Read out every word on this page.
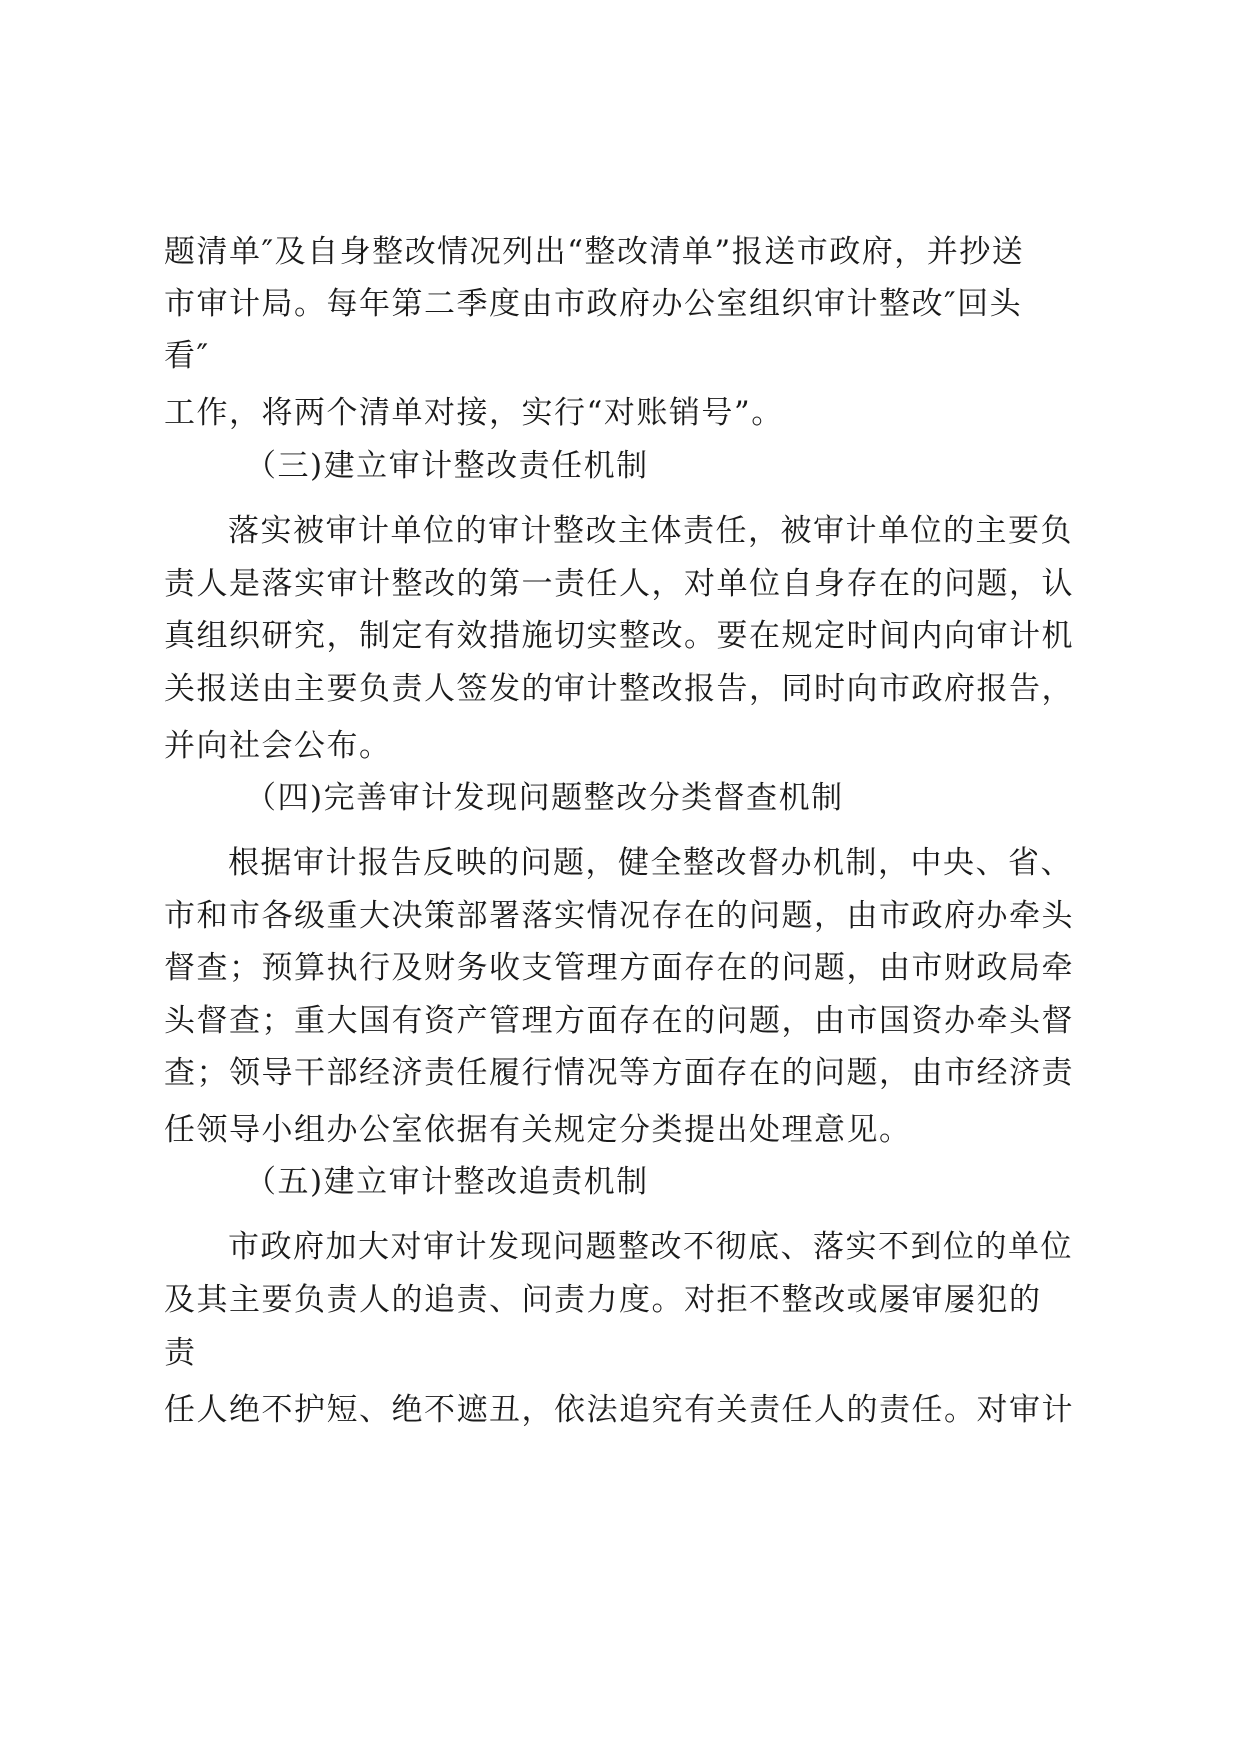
题清单″及自身整改情况列出“整改清单”报送市政府，并抄送
市审计局。每年第二季度由市政府办公室组织审计整改″回头
看″
工作，将两个清单对接，实行“对账销号”。
（三)建立审计整改责任机制
落实被审计单位的审计整改主体责任，被审计单位的主要负
责人是落实审计整改的第一责任人，对单位自身存在的问题，认
真组织研究，制定有效措施切实整改。要在规定时间内向审计机
关报送由主要负责人签发的审计整改报告，同时向市政府报告，
并向社会公布。
（四)完善审计发现问题整改分类督查机制
根据审计报告反映的问题，健全整改督办机制，中央、省、
市和市各级重大决策部署落实情况存在的问题，由市政府办牵头
督查；预算执行及财务收支管理方面存在的问题，由市财政局牵
头督查；重大国有资产管理方面存在的问题，由市国资办牵头督
查；领导干部经济责任履行情况等方面存在的问题，由市经济责
任领导小组办公室依据有关规定分类提出处理意见。
（五)建立审计整改追责机制
市政府加大对审计发现问题整改不彻底、落实不到位的单位
及其主要负责人的追责、问责力度。对拒不整改或屡审屡犯的
责
任人绝不护短、绝不遮丑，依法追究有关责任人的责任。对审计
